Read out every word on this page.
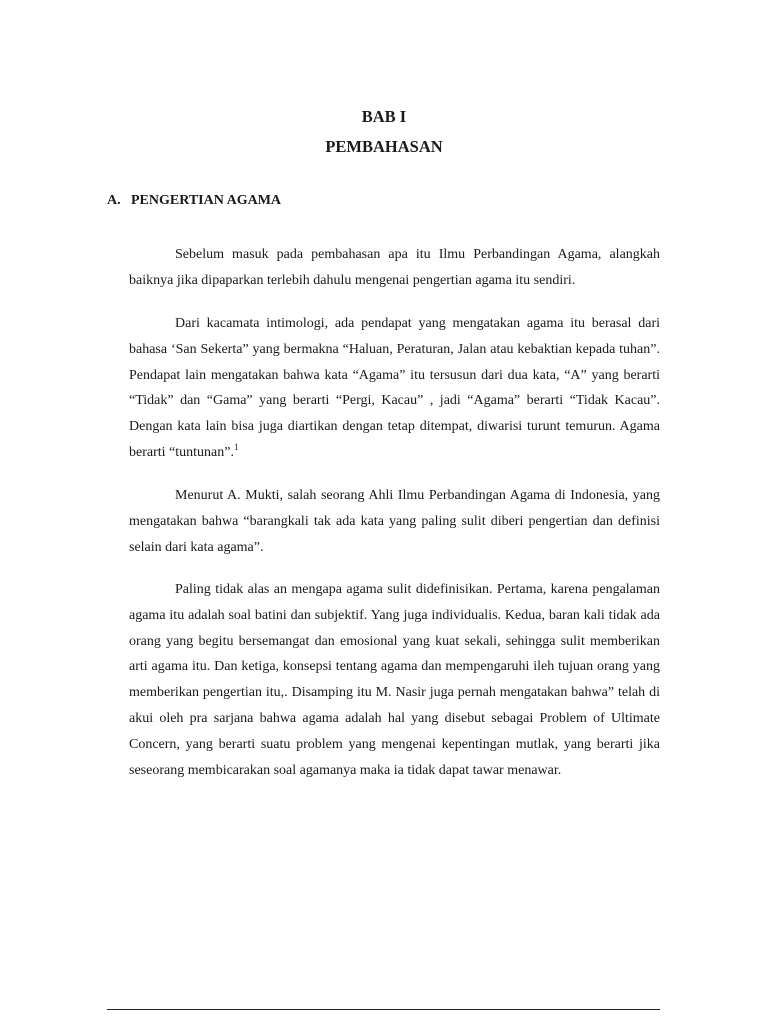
BAB I
PEMBAHASAN
A. PENGERTIAN AGAMA

Sebelum masuk pada pembahasan apa itu Ilmu Perbandingan Agama, alangkah baiknya jika dipaparkan terlebih dahulu mengenai pengertian agama itu sendiri.

Dari kacamata intimologi, ada pendapat yang mengatakan agama itu berasal dari bahasa ‘San Sekerta” yang bermakna “Haluan, Peraturan, Jalan atau kebaktian kepada tuhan”. Pendapat lain mengatakan bahwa kata “Agama” itu tersusun dari dua kata, “A” yang berarti “Tidak” dan “Gama” yang berarti “Pergi, Kacau” , jadi “Agama” berarti “Tidak Kacau”. Dengan kata lain bisa juga diartikan dengan tetap ditempat, diwarisi turunt temurun. Agama berarti “tuntunan”.$^1$

Menurut A. Mukti, salah seorang Ahli Ilmu Perbandingan Agama di Indonesia, yang mengatakan bahwa “barangkali tak ada kata yang paling sulit diberi pengertian dan definisi selain dari kata agama”.

Paling tidak alas an mengapa agama sulit didefinisikan. Pertama, karena pengalaman agama itu adalah soal batini dan subjektif. Yang juga individualis. Kedua, baran kali tidak ada orang yang begitu bersemangat dan emosional yang kuat sekali, sehingga sulit memberikan arti agama itu. Dan ketiga, konsepsi tentang agama dan mempengaruhi ileh tujuan orang yang memberikan pengertian itu,. Disamping itu M. Nasir juga pernah mengatakan bahwa” telah di akui oleh pra sarjana bahwa agama adalah hal yang disebut sebagai Problem of Ultimate Concern, yang berarti suatu problem yang mengenai kepentingan mutlak, yang berarti jika seseorang membicarakan soal agamanya maka ia tidak dapat tawar menawar.
